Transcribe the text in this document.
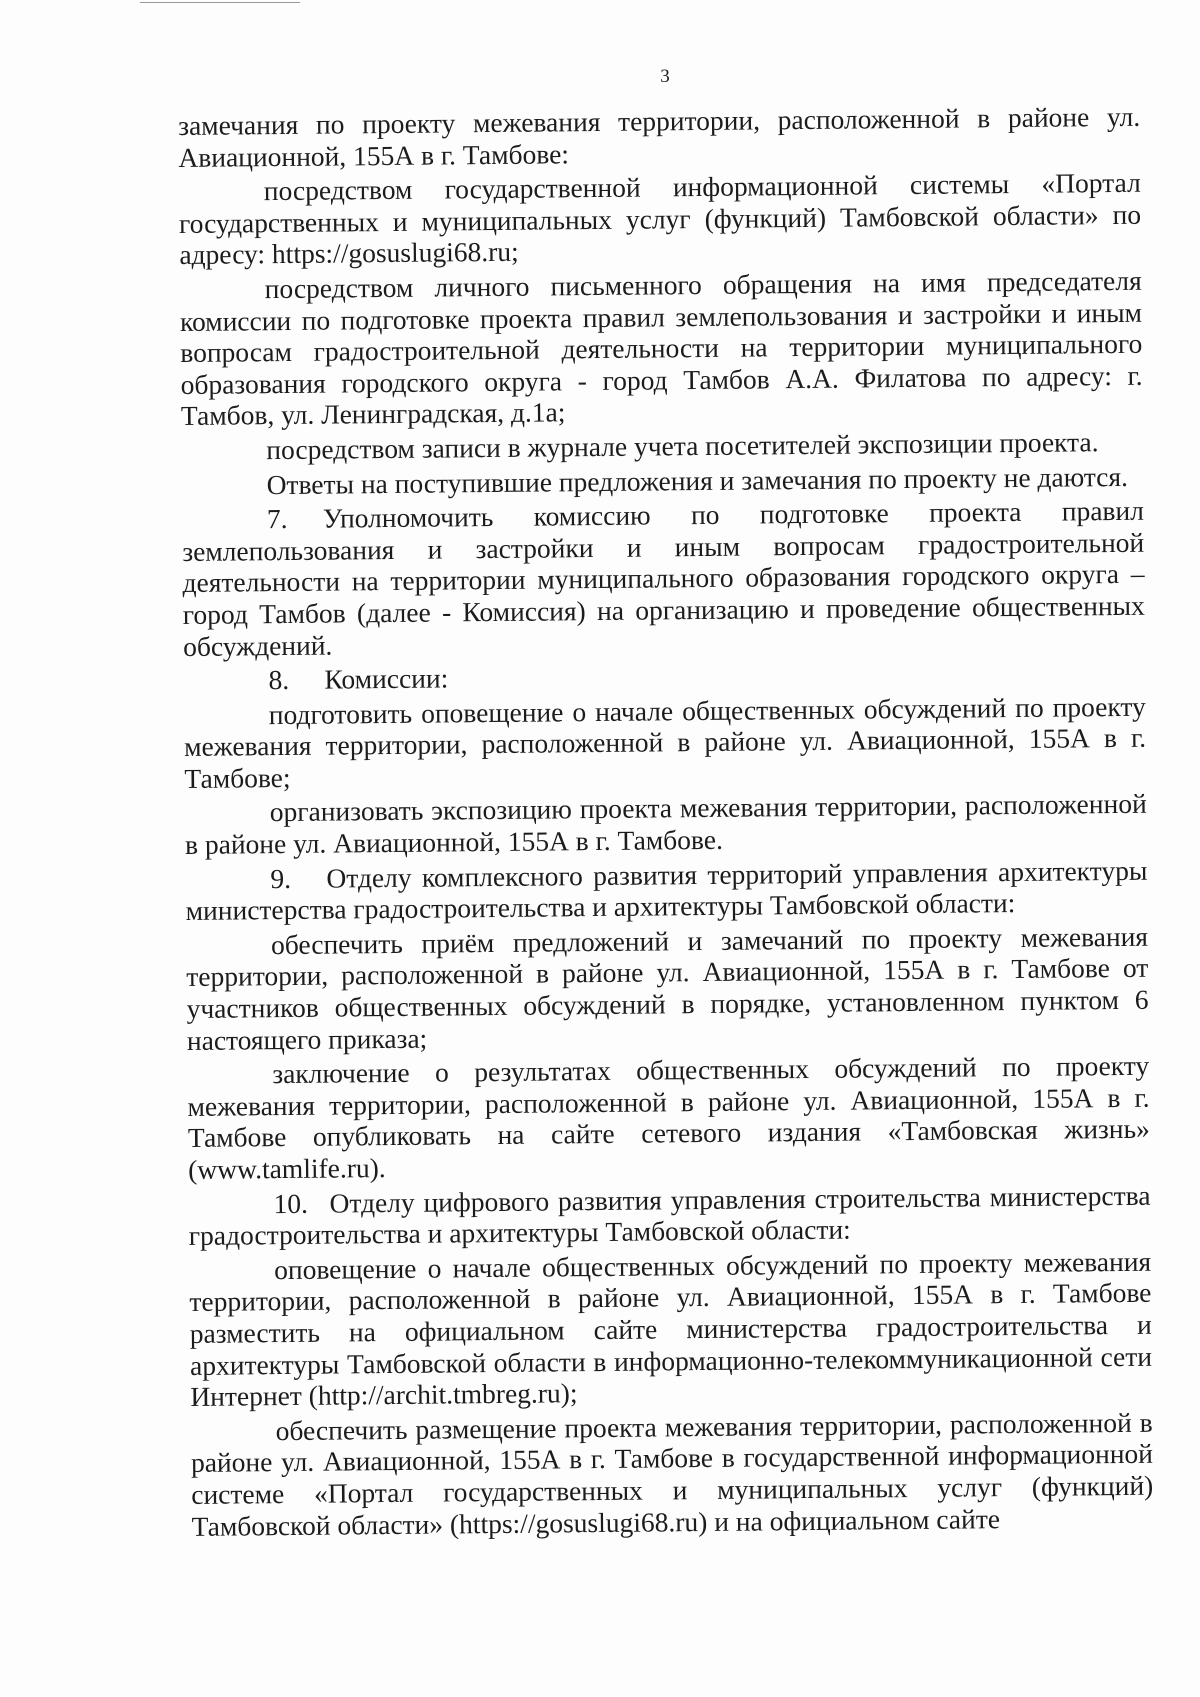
3

замечания по проекту межевания территории, расположенной в районе ул. Авиационной, 155А в г. Тамбове:

посредством государственной информационной системы «Портал государственных и муниципальных услуг (функций) Тамбовской области» по адресу: https://gosuslugi68.ru;

посредством личного письменного обращения на имя председателя комиссии по подготовке проекта правил землепользования и застройки и иным вопросам градостроительной деятельности на территории муниципального образования городского округа - город Тамбов А.А. Филатова по адресу: г. Тамбов, ул. Ленинградская, д.1а;

посредством записи в журнале учета посетителей экспозиции проекта.

Ответы на поступившие предложения и замечания по проекту не даются.

7. Уполномочить комиссию по подготовке проекта правил землепользования и застройки и иным вопросам градостроительной деятельности на территории муниципального образования городского округа – город Тамбов (далее - Комиссия) на организацию и проведение общественных обсуждений.

8. Комиссии:

подготовить оповещение о начале общественных обсуждений по проекту межевания территории, расположенной в районе ул. Авиационной, 155А в г. Тамбове;

организовать экспозицию проекта межевания территории, расположенной в районе ул. Авиационной, 155А в г. Тамбове.

9. Отделу комплексного развития территорий управления архитектуры министерства градостроительства и архитектуры Тамбовской области:

обеспечить приём предложений и замечаний по проекту межевания территории, расположенной в районе ул. Авиационной, 155А в г. Тамбове от участников общественных обсуждений в порядке, установленном пунктом 6 настоящего приказа;

заключение о результатах общественных обсуждений по проекту межевания территории, расположенной в районе ул. Авиационной, 155А в г. Тамбове опубликовать на сайте сетевого издания «Тамбовская жизнь» (www.tamlife.ru).

10. Отделу цифрового развития управления строительства министерства градостроительства и архитектуры Тамбовской области:

оповещение о начале общественных обсуждений по проекту межевания территории, расположенной в районе ул. Авиационной, 155А в г. Тамбове разместить на официальном сайте министерства градостроительства и архитектуры Тамбовской области в информационно-телекоммуникационной сети Интернет (http://archit.tmbreg.ru);

обеспечить размещение проекта межевания территории, расположенной в районе ул. Авиационной, 155А в г. Тамбове в государственной информационной системе «Портал государственных и муниципальных услуг (функций) Тамбовской области» (https://gosuslugi68.ru) и на официальном сайте
